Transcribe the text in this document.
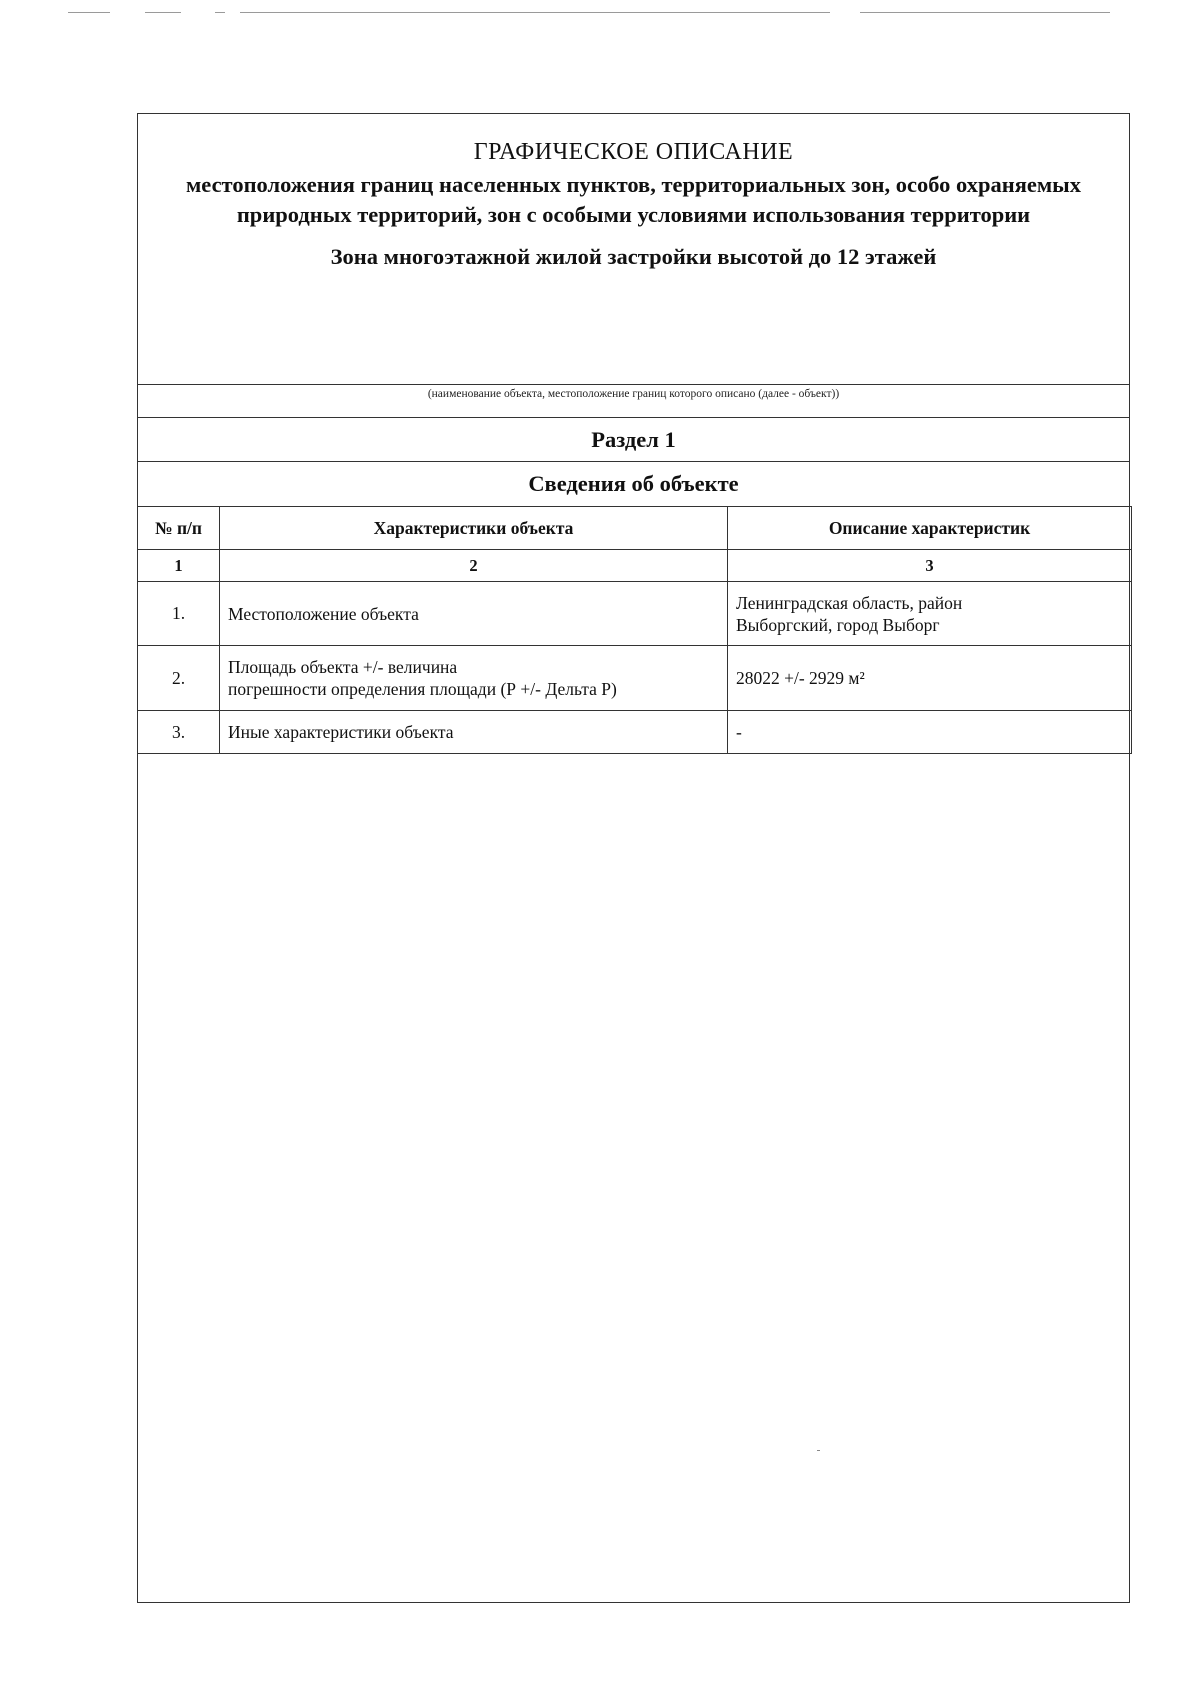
ГРАФИЧЕСКОЕ ОПИСАНИЕ
местоположения границ населенных пунктов, территориальных зон, особо охраняемых природных территорий, зон с особыми условиями использования территории
Зона многоэтажной жилой застройки высотой до 12 этажей
(наименование объекта, местоположение границ которого описано (далее - объект))
Раздел 1
Сведения об объекте
№ п/п	Характеристики объекта	Описание характеристик
1	2	3
1.	Местоположение объекта	Ленинградская область, район
Выборгский, город Выборг
2.	Площадь объекта +/- величина
погрешности определения площади (Р +/- Дельта Р)	28022 +/- 2929 м²
3.	Иные характеристики объекта	-
